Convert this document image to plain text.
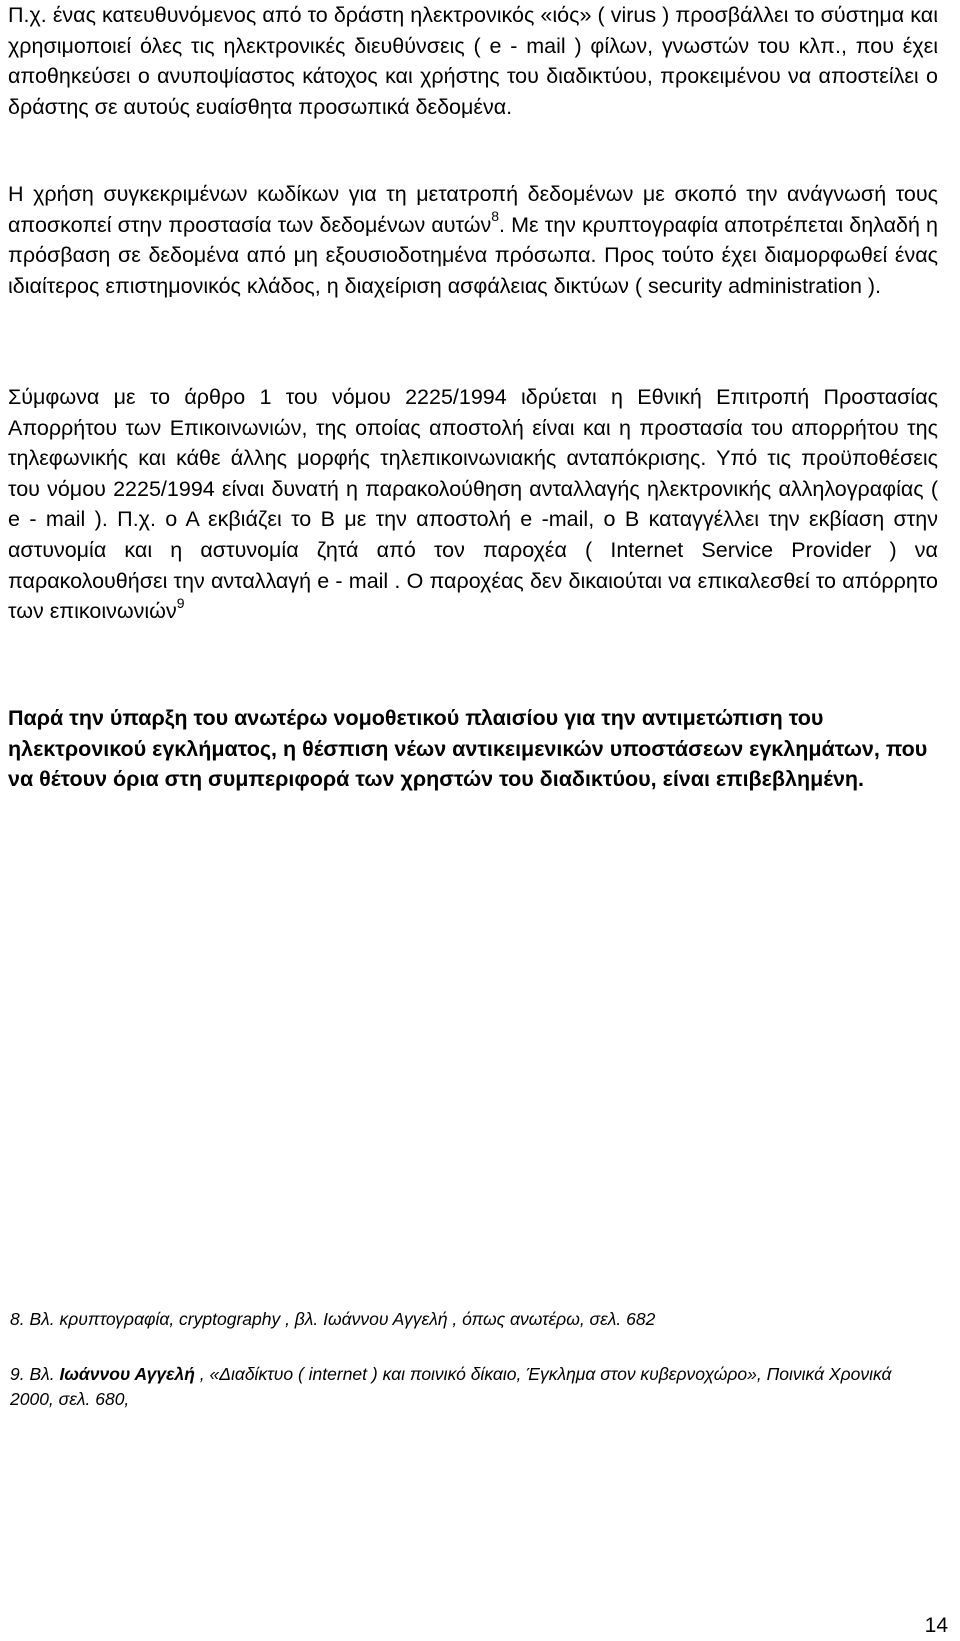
Π.χ. ένας κατευθυνόμενος από το δράστη ηλεκτρονικός «ιός» ( virus ) προσβάλλει το σύστημα και χρησιμοποιεί όλες τις ηλεκτρονικές διευθύνσεις ( e - mail ) φίλων, γνωστών του κλπ., που έχει αποθηκεύσει ο ανυποψίαστος κάτοχος και χρήστης του διαδικτύου, προκειμένου να αποστείλει ο δράστης σε αυτούς ευαίσθητα προσωπικά δεδομένα.

Η χρήση συγκεκριμένων κωδίκων για τη μετατροπή δεδομένων με σκοπό την ανάγνωσή τους αποσκοπεί στην προστασία των δεδομένων αυτών$^8$. Με την κρυπτογραφία αποτρέπεται δηλαδή η πρόσβαση σε δεδομένα από μη εξουσιοδοτημένα πρόσωπα. Προς τούτο έχει διαμορφωθεί ένας ιδιαίτερος επιστημονικός κλάδος, η διαχείριση ασφάλειας δικτύων ( security administration ).

Σύμφωνα με το άρθρο 1 του νόμου 2225/1994 ιδρύεται η Εθνική Επιτροπή Προστασίας Απορρήτου των Επικοινωνιών, της οποίας αποστολή είναι και η προστασία του απορρήτου της τηλεφωνικής και κάθε άλλης μορφής τηλεπικοινωνιακής ανταπόκρισης. Υπό τις προϋποθέσεις του νόμου 2225/1994 είναι δυνατή η παρακολούθηση ανταλλαγής ηλεκτρονικής αλληλογραφίας ( e - mail ). Π.χ. ο Α εκβιάζει το Β με την αποστολή e -mail, ο Β καταγγέλλει την εκβίαση στην αστυνομία και η αστυνομία ζητά από τον παροχέα ( Internet Service Provider ) να παρακολουθήσει την ανταλλαγή e - mail . Ο παροχέας δεν δικαιούται να επικαλεσθεί το απόρρητο των επικοινωνιών$^9$

Παρά την ύπαρξη του ανωτέρω νομοθετικού πλαισίου για την αντιμετώπιση του ηλεκτρονικού εγκλήματος, η θέσπιση νέων αντικειμενικών υποστάσεων εγκλημάτων, που να θέτουν όρια στη συμπεριφορά των χρηστών του διαδικτύου, είναι επιβεβλημένη.

8. Βλ. κρυπτογραφία, cryptography , βλ. Ιωάννου Αγγελή , όπως ανωτέρω, σελ. 682

9. Βλ. Ιωάννου Αγγελή , «Διαδίκτυο ( internet ) και ποινικό δίκαιο, Έγκλημα στον κυβερνοχώρο», Ποινικά Χρονικά 2000, σελ. 680,

14
